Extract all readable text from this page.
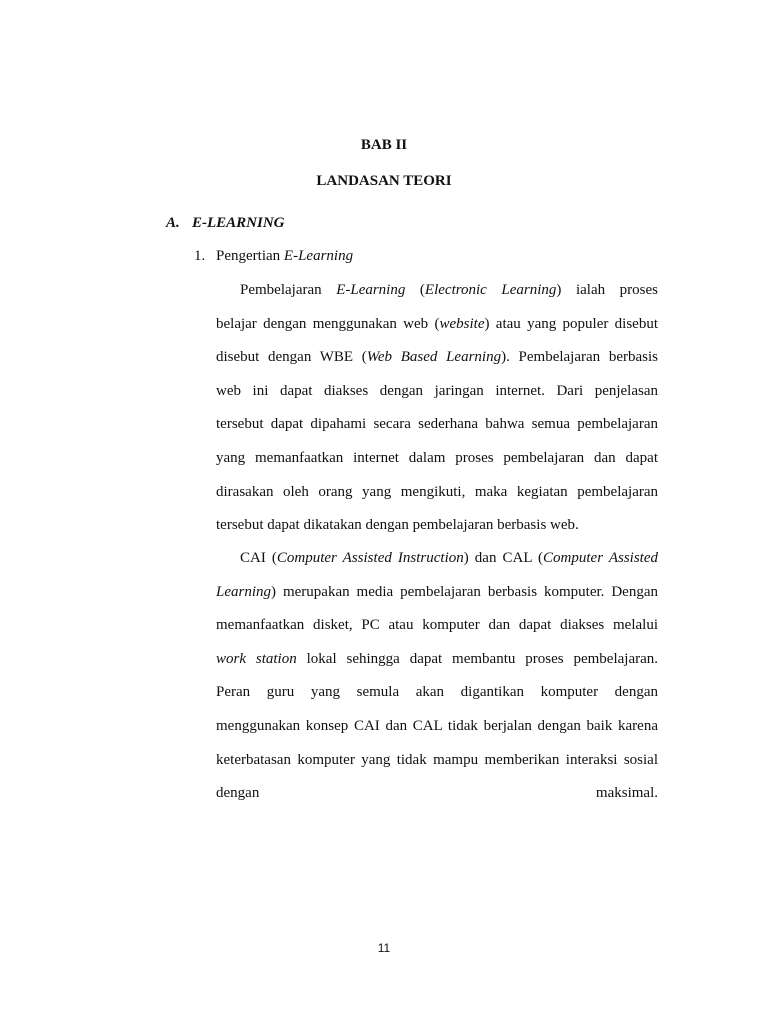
BAB II
LANDASAN TEORI
A. E-LEARNING
1. Pengertian E-Learning
Pembelajaran E-Learning (Electronic Learning) ialah proses
belajar dengan menggunakan web (website) atau yang populer disebut
disebut dengan WBE (Web Based Learning). Pembelajaran berbasis
web ini dapat diakses dengan jaringan internet. Dari penjelasan
tersebut dapat dipahami secara sederhana bahwa semua pembelajaran
yang memanfaatkan internet dalam proses pembelajaran dan dapat
dirasakan oleh orang yang mengikuti, maka kegiatan pembelajaran
tersebut dapat dikatakan dengan pembelajaran berbasis web.
CAI (Computer Assisted Instruction) dan CAL (Computer Assisted
Learning) merupakan media pembelajaran berbasis komputer. Dengan
memanfaatkan disket, PC atau komputer dan dapat diakses melalui
work station lokal sehingga dapat membantu proses pembelajaran.
Peran guru yang semula akan digantikan komputer dengan
menggunakan konsep CAI dan CAL tidak berjalan dengan baik karena
keterbatasan komputer yang tidak mampu memberikan interaksi sosial
dengan maksimal.
11
